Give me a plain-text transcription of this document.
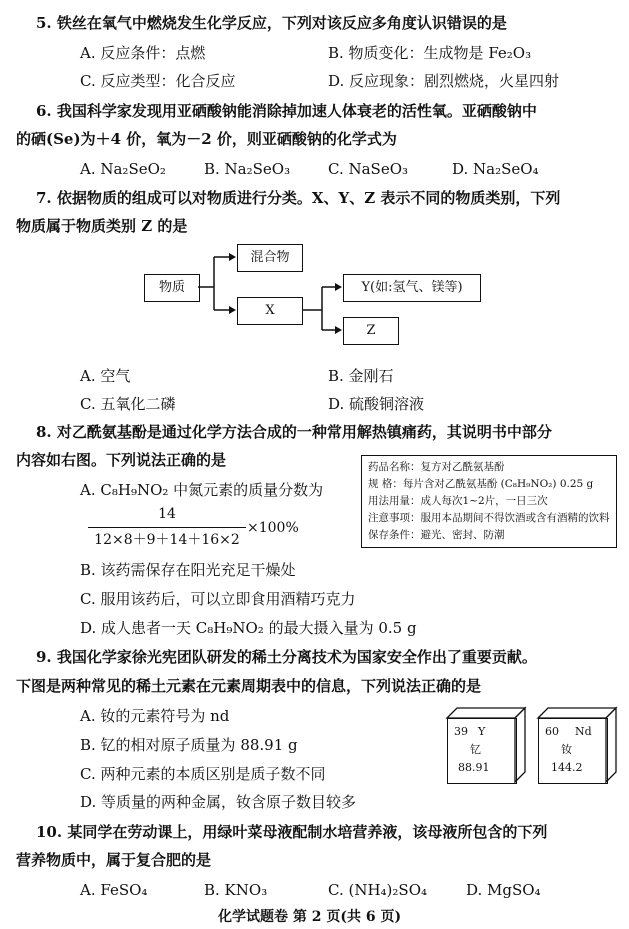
5. 铁丝在氧气中燃烧发生化学反应，下列对该反应多角度认识错误的是
A. 反应条件：点燃	B. 物质变化：生成物是 Fe₂O₃
C. 反应类型：化合反应	D. 反应现象：剧烈燃烧，火星四射
6. 我国科学家发现用亚硒酸钠能消除掉加速人体衰老的活性氧。亚硒酸钠中
的硒(Se)为＋4 价，氧为－2 价，则亚硒酸钠的化学式为
A. Na₂SeO₂	B. Na₂SeO₃	C. NaSeO₃	D. Na₂SeO₄
7. 依据物质的组成可以对物质进行分类。X、Y、Z 表示不同的物质类别，下列
物质属于物质类别 Z 的是
混合物
物质
X
Y(如:氢气、镁等)
Z
A. 空气	B. 金刚石
C. 五氧化二磷	D. 硫酸铜溶液
8. 对乙酰氨基酚是通过化学方法合成的一种常用解热镇痛药，其说明书中部分
内容如右图。下列说法正确的是
A. C₈H₉NO₂ 中氮元素的质量分数为
14
12×8＋9＋14＋16×2
×100%
药品名称：复方对乙酰氨基酚
规 格：每片含对乙酰氨基酚 (C₈H₉NO₂) 0.25 g
用法用量：成人每次1~2片，一日三次
注意事项：服用本品期间不得饮酒或含有酒精的饮料
保存条件：避光、密封、防潮
B. 该药需保存在阳光充足干燥处
C. 服用该药后，可以立即食用酒精巧克力
D. 成人患者一天 C₈H₉NO₂ 的最大摄入量为 0.5 g
9. 我国化学家徐光宪团队研发的稀土分离技术为国家安全作出了重要贡献。
下图是两种常见的稀土元素在元素周期表中的信息，下列说法正确的是
A. 钕的元素符号为 nd
B. 钇的相对原子质量为 88.91 g
C. 两种元素的本质区别是质子数不同
D. 等质量的两种金属，钕含原子数目较多
39 Y
钇
88.91
60 Nd
钕
144.2
10. 某同学在劳动课上，用绿叶菜母液配制水培营养液，该母液所包含的下列
营养物质中，属于复合肥的是
A. FeSO₄	B. KNO₃	C. (NH₄)₂SO₄	D. MgSO₄
化学试题卷 第 2 页(共 6 页)
